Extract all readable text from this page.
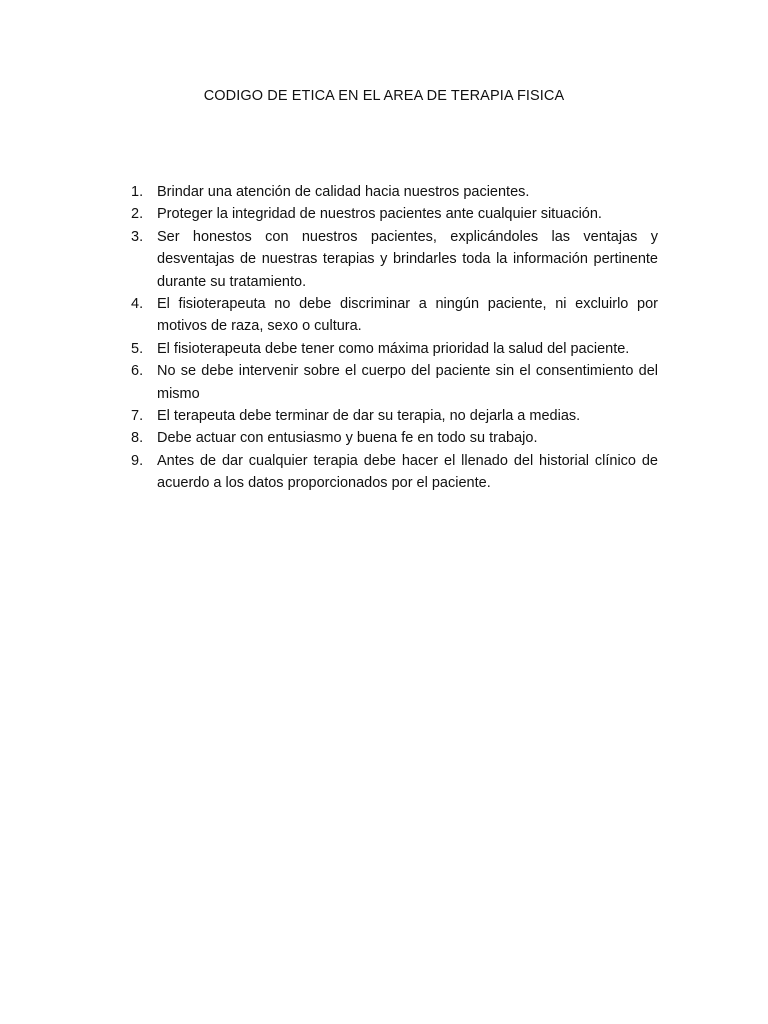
CODIGO DE ETICA EN EL AREA DE TERAPIA FISICA
1. Brindar una atención de calidad hacia nuestros pacientes.
2. Proteger la integridad de nuestros pacientes ante cualquier situación.
3. Ser honestos con nuestros pacientes, explicándoles las ventajas y desventajas de nuestras terapias y brindarles toda la información pertinente durante su tratamiento.
4. El fisioterapeuta no debe discriminar a ningún paciente, ni excluirlo por motivos de raza, sexo o cultura.
5. El fisioterapeuta debe tener como máxima prioridad la salud del paciente.
6. No se debe intervenir sobre el cuerpo del paciente sin el consentimiento del mismo
7. El terapeuta debe terminar de dar su terapia, no dejarla a medias.
8. Debe actuar con entusiasmo y buena fe en todo su trabajo.
9. Antes de dar cualquier terapia debe hacer el llenado del historial clínico de acuerdo a los datos proporcionados por el paciente.
